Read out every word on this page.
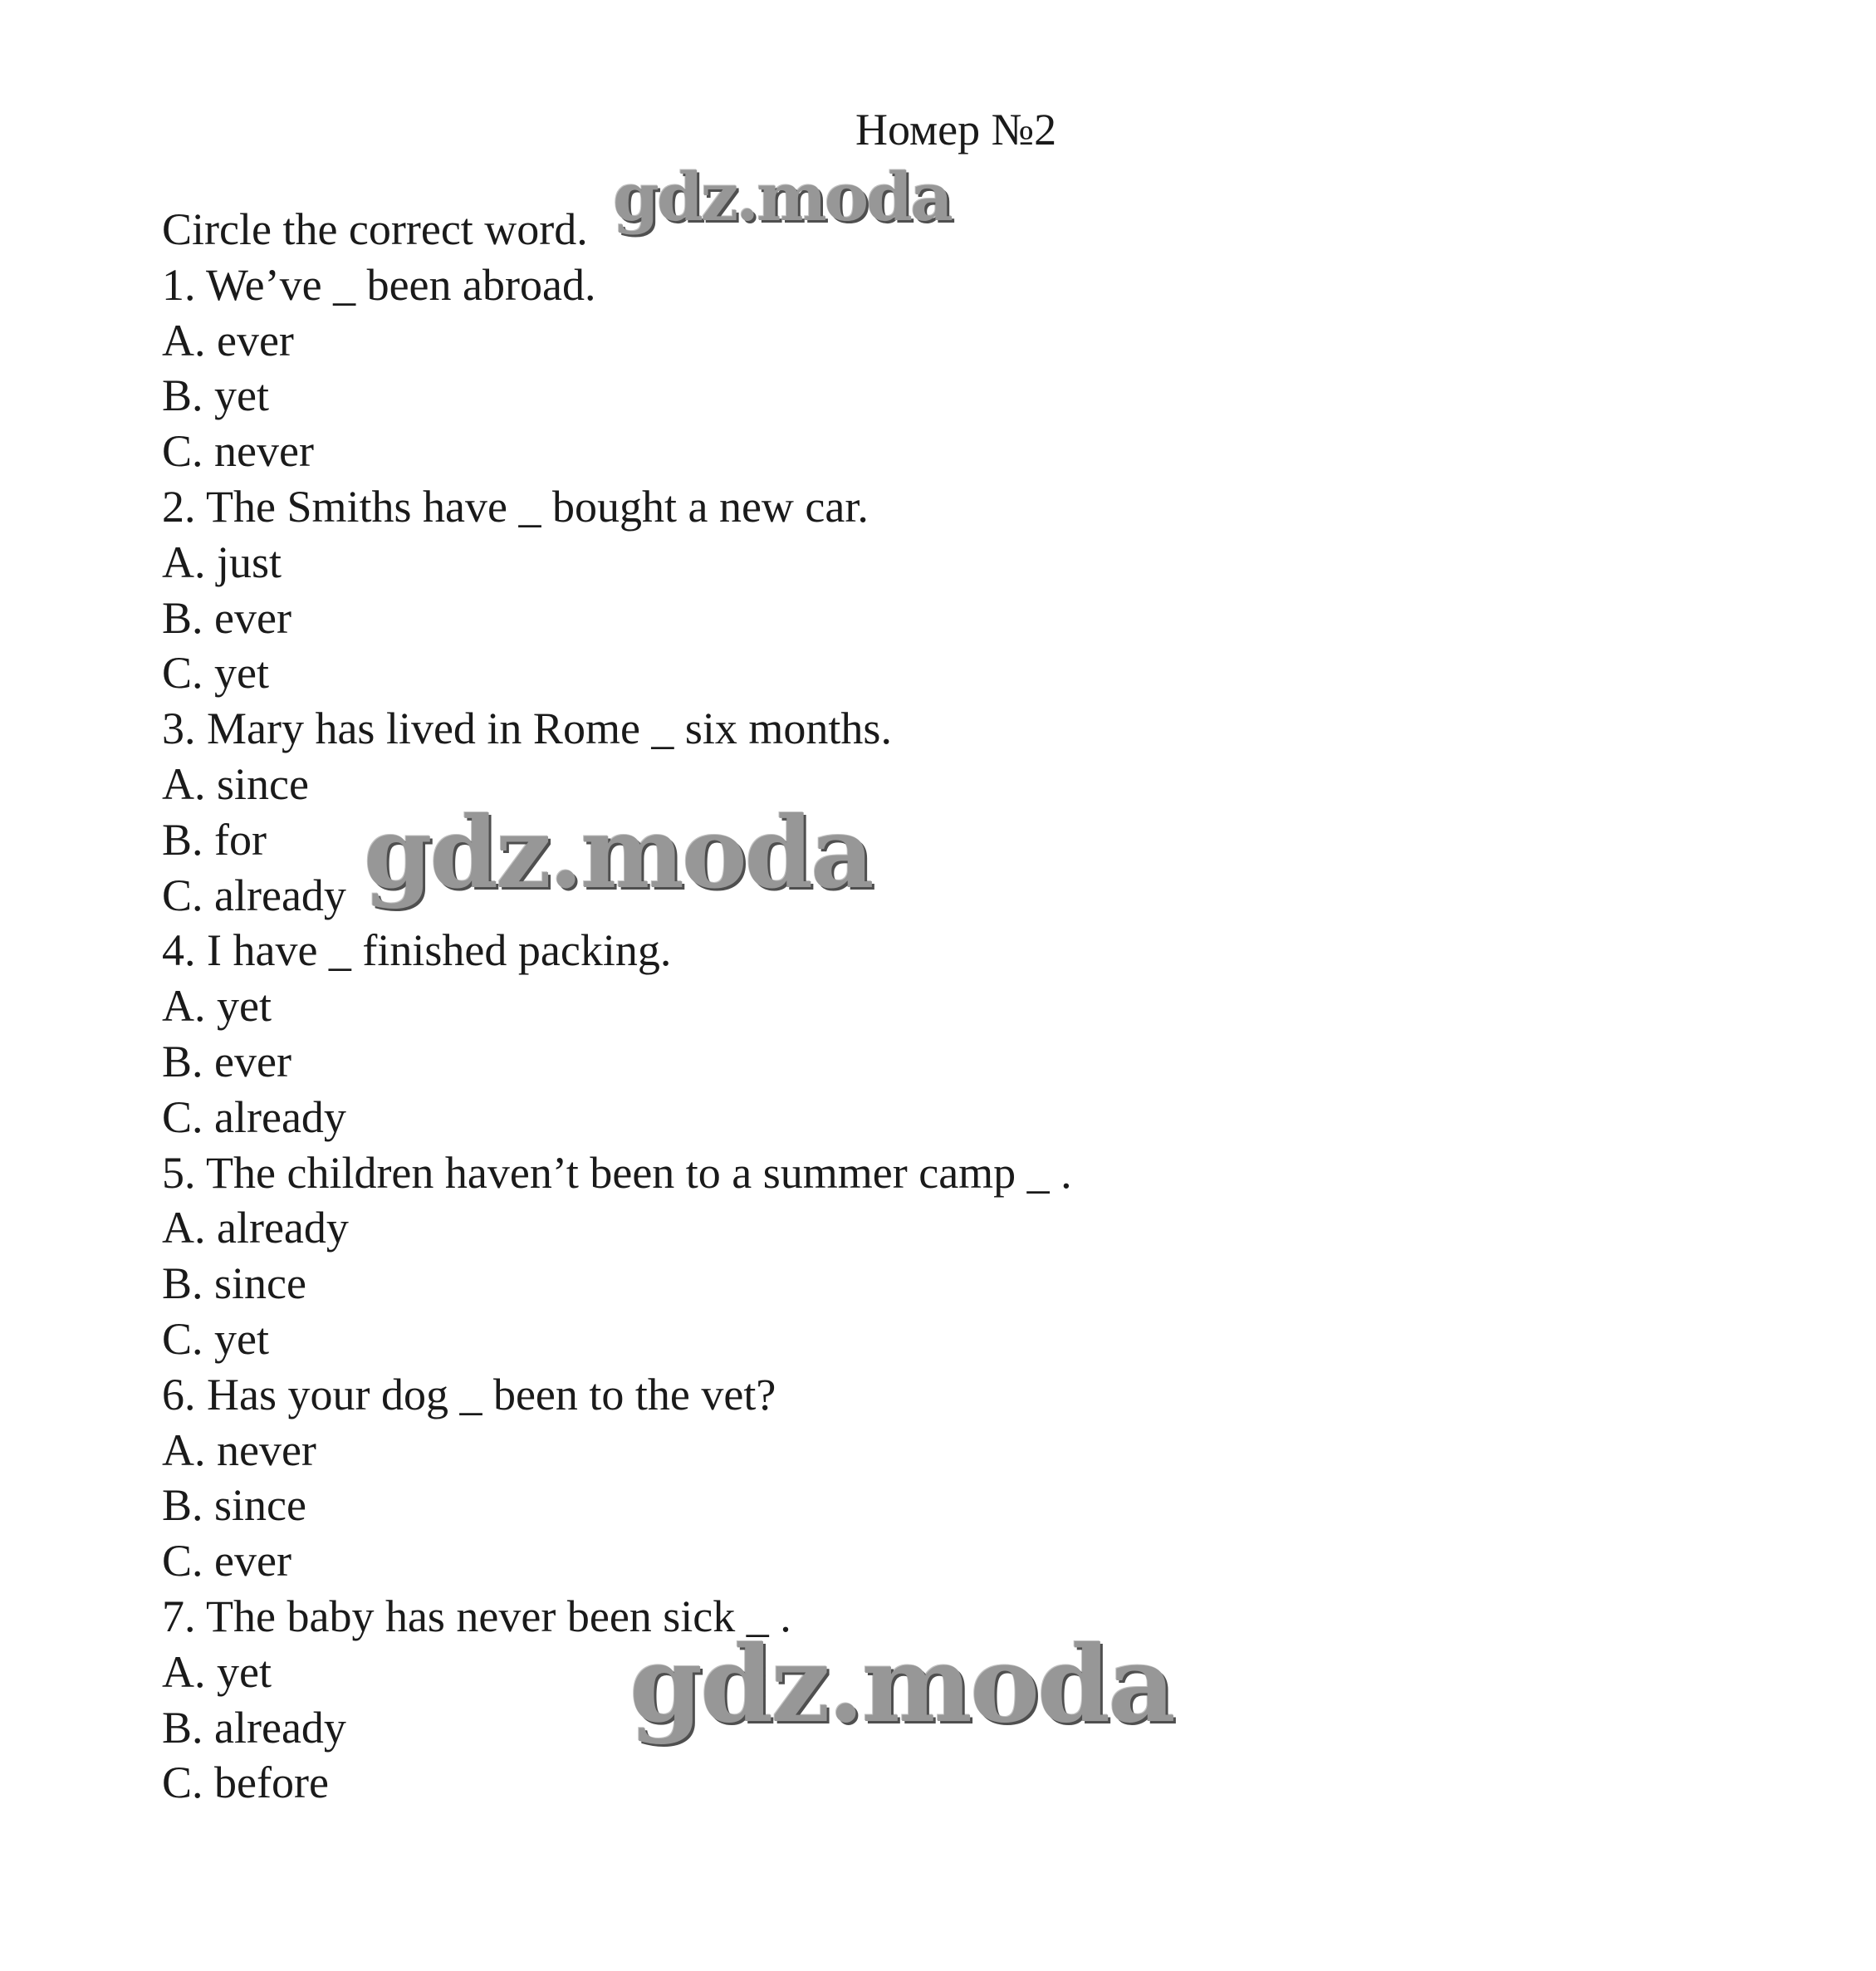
Номер №2
Circle the correct word.
1. We’ve _ been abroad.
A. ever
B. yet
C. never
2. The Smiths have _ bought a new car.
A. just
B. ever
C. yet
3. Mary has lived in Rome _ six months.
A. since
B. for
C. already
4. I have _ finished packing.
A. yet
B. ever
C. already
5. The children haven’t been to a summer camp _ .
A. already
B. since
C. yet
6. Has your dog _ been to the vet?
A. never
B. since
C. ever
7. The baby has never been sick _ .
A. yet
B. already
C. before
gdz.moda
gdz.moda
gdz.moda
